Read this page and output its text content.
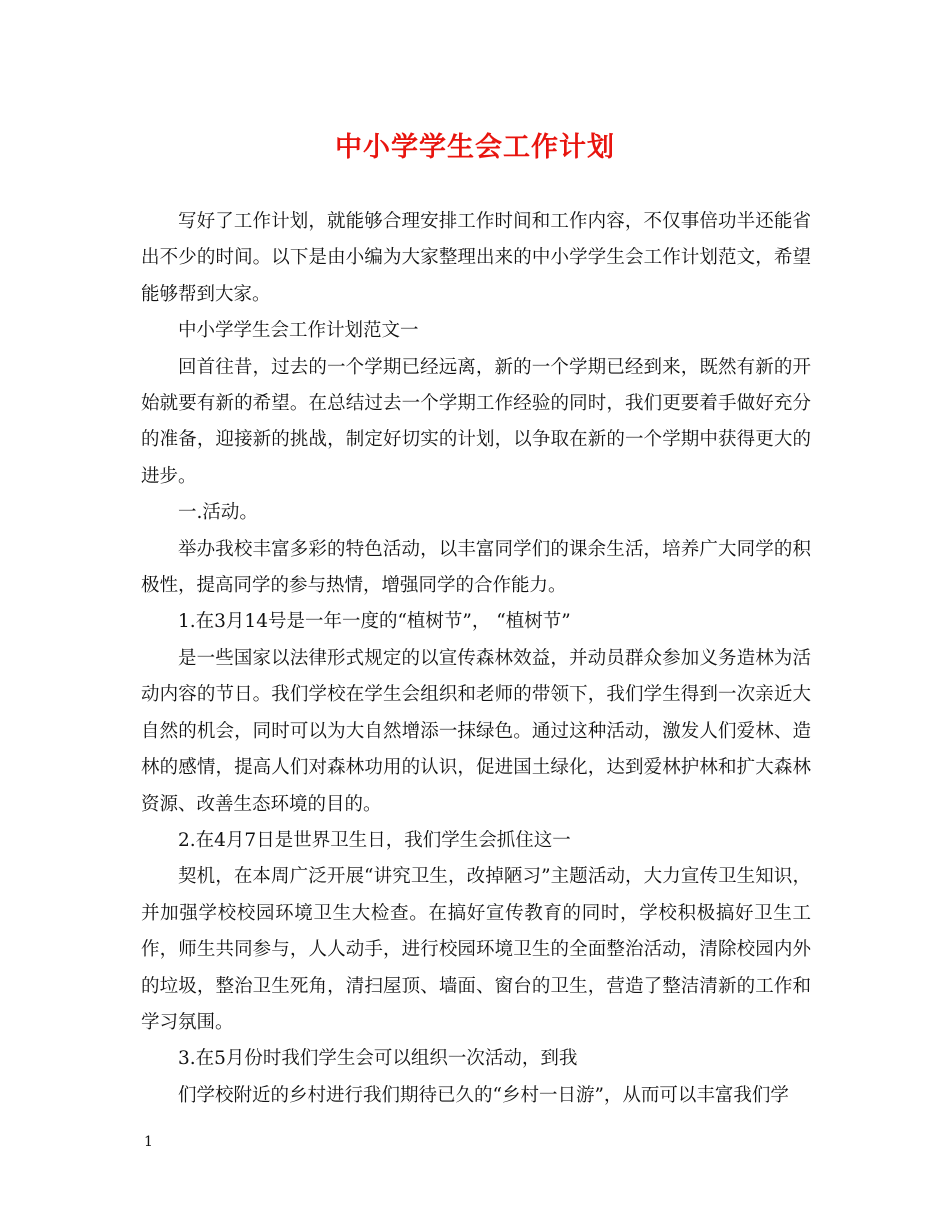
中小学学生会工作计划

写好了工作计划，就能够合理安排工作时间和工作内容，不仅事倍功半还能省出不少的时间。以下是由小编为大家整理出来的中小学学生会工作计划范文，希望能够帮到大家。

中小学学生会工作计划范文一

回首往昔，过去的一个学期已经远离，新的一个学期已经到来，既然有新的开始就要有新的希望。在总结过去一个学期工作经验的同时，我们更要着手做好充分的准备，迎接新的挑战，制定好切实的计划，以争取在新的一个学期中获得更大的进步。

一.活动。

举办我校丰富多彩的特色活动，以丰富同学们的课余生活，培养广大同学的积极性，提高同学的参与热情，增强同学的合作能力。

1.在3月14号是一年一度的“植树节”， “植树节”

是一些国家以法律形式规定的以宣传森林效益，并动员群众参加义务造林为活动内容的节日。我们学校在学生会组织和老师的带领下，我们学生得到一次亲近大自然的机会，同时可以为大自然增添一抹绿色。通过这种活动，激发人们爱林、造林的感情，提高人们对森林功用的认识，促进国土绿化，达到爱林护林和扩大森林资源、改善生态环境的目的。

2.在4月7日是世界卫生日，我们学生会抓住这一

契机，在本周广泛开展“讲究卫生，改掉陋习”主题活动，大力宣传卫生知识，并加强学校校园环境卫生大检查。在搞好宣传教育的同时，学校积极搞好卫生工作，师生共同参与，人人动手，进行校园环境卫生的全面整治活动，清除校园内外的垃圾，整治卫生死角，清扫屋顶、墙面、窗台的卫生，营造了整洁清新的工作和学习氛围。

3.在5月份时我们学生会可以组织一次活动，到我

们学校附近的乡村进行我们期待已久的“乡村一日游”，从而可以丰富我们学

1
